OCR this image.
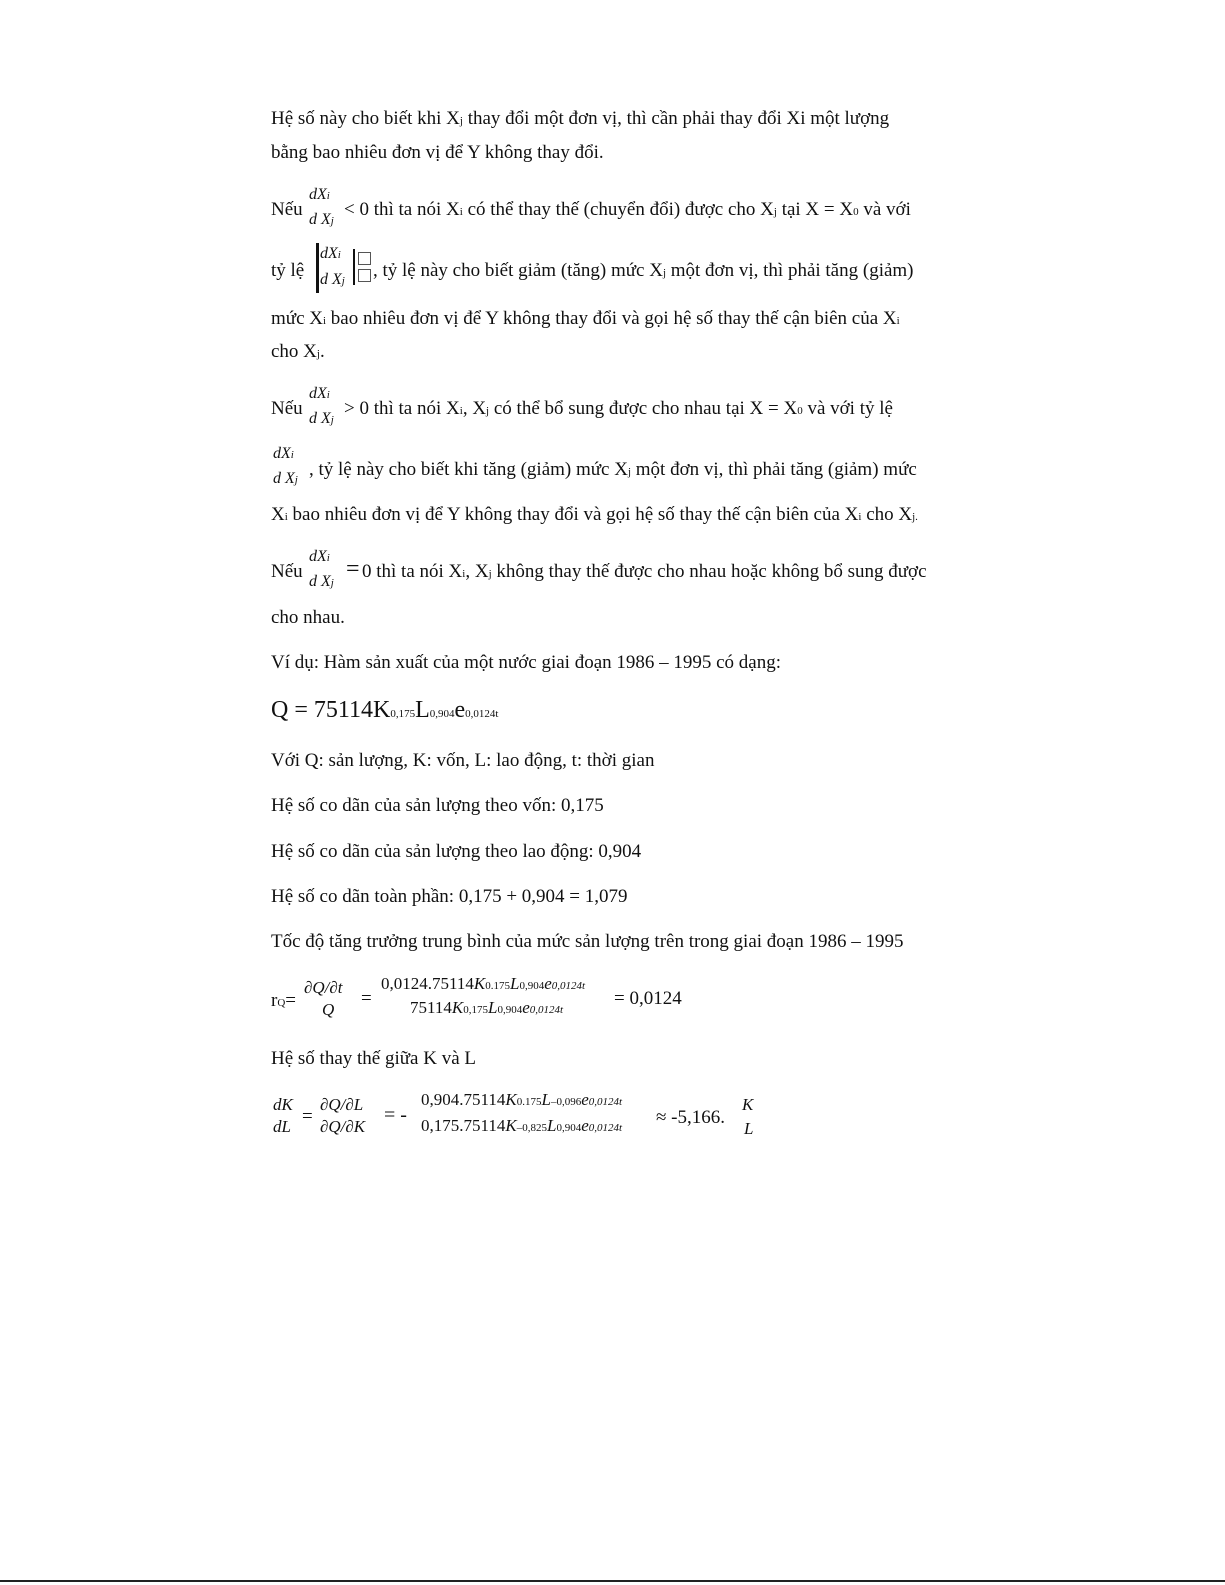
Hệ số này cho biết khi Xj thay đổi một đơn vị, thì cần phải thay đổi Xi một lượng
bằng bao nhiêu đơn vị để Y không thay đổi.
Nếu
dXi
d Xj
< 0 thì ta nói Xi có thể thay thế (chuyển đổi) được cho Xj tại X = X0 và với
tỷ lệ
dXi
d Xj , tỷ lệ này cho biết giảm (tăng) mức Xj một đơn vị, thì phải tăng (giảm)
mức Xi bao nhiêu đơn vị để Y không thay đổi và gọi hệ số thay thế cận biên của Xi
cho Xj.
Nếu
dXi
d Xj
> 0 thì ta nói Xi, Xj có thể bổ sung được cho nhau tại X = X0 và với tỷ lệ
dXi
d Xj , tỷ lệ này cho biết khi tăng (giảm) mức Xj một đơn vị, thì phải tăng (giảm) mức
Xi bao nhiêu đơn vị để Y không thay đổi và gọi hệ số thay thế cận biên của Xi cho Xj.
Nếu
dXi
d Xj
= 0 thì ta nói Xi, Xj không thay thế được cho nhau hoặc không bổ sung được
cho nhau.
Ví dụ: Hàm sản xuất của một nước giai đoạn 1986 – 1995 có dạng:
Q = 75114K0,175L0,904e0,0124t
Với Q: sản lượng, K: vốn, L: lao động, t: thời gian
Hệ số co dãn của sản lượng theo vốn: 0,175
Hệ số co dãn của sản lượng theo lao động: 0,904
Hệ số co dãn toàn phần: 0,175 + 0,904 = 1,079
Tốc độ tăng trưởng trung bình của mức sản lượng trên trong giai đoạn 1986 – 1995
rQ=
∂Q/∂t
Q
=
0,0124.75114K0.175L0,904e0,0124t
75114K0,175L0,904e0,0124t
= 0,0124
Hệ số thay thế giữa K và L
dK
dL =
∂Q/∂L
∂Q/∂K
= -
0,904.75114K0.175L–0,096e0,0124t
0,175.75114K–0,825L0,904e0,0124t ≈ -5,166.
K
L
